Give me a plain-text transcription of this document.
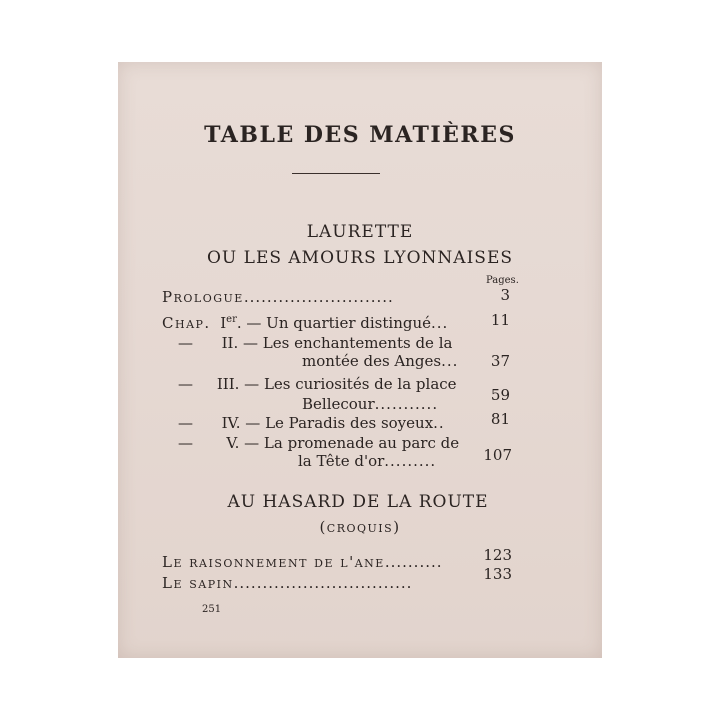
TABLE DES MATIÈRES
LAURETTE
OU LES AMOURS LYONNAISES
Pages.
Prologue..........................	3
Chap. Ier. — Un quartier distingué...	11
— II. — Les enchantements de la
montée des Anges...	37
— III. — Les curiosités de la place
Bellecour...........	59
— IV. — Le Paradis des soyeux..	81
— V. — La promenade au parc de
la Tête d'or.........	107
AU HASARD DE LA ROUTE
(croquis)
Le raisonnement de l'ane..........	123
Le sapin...............................	133
251
